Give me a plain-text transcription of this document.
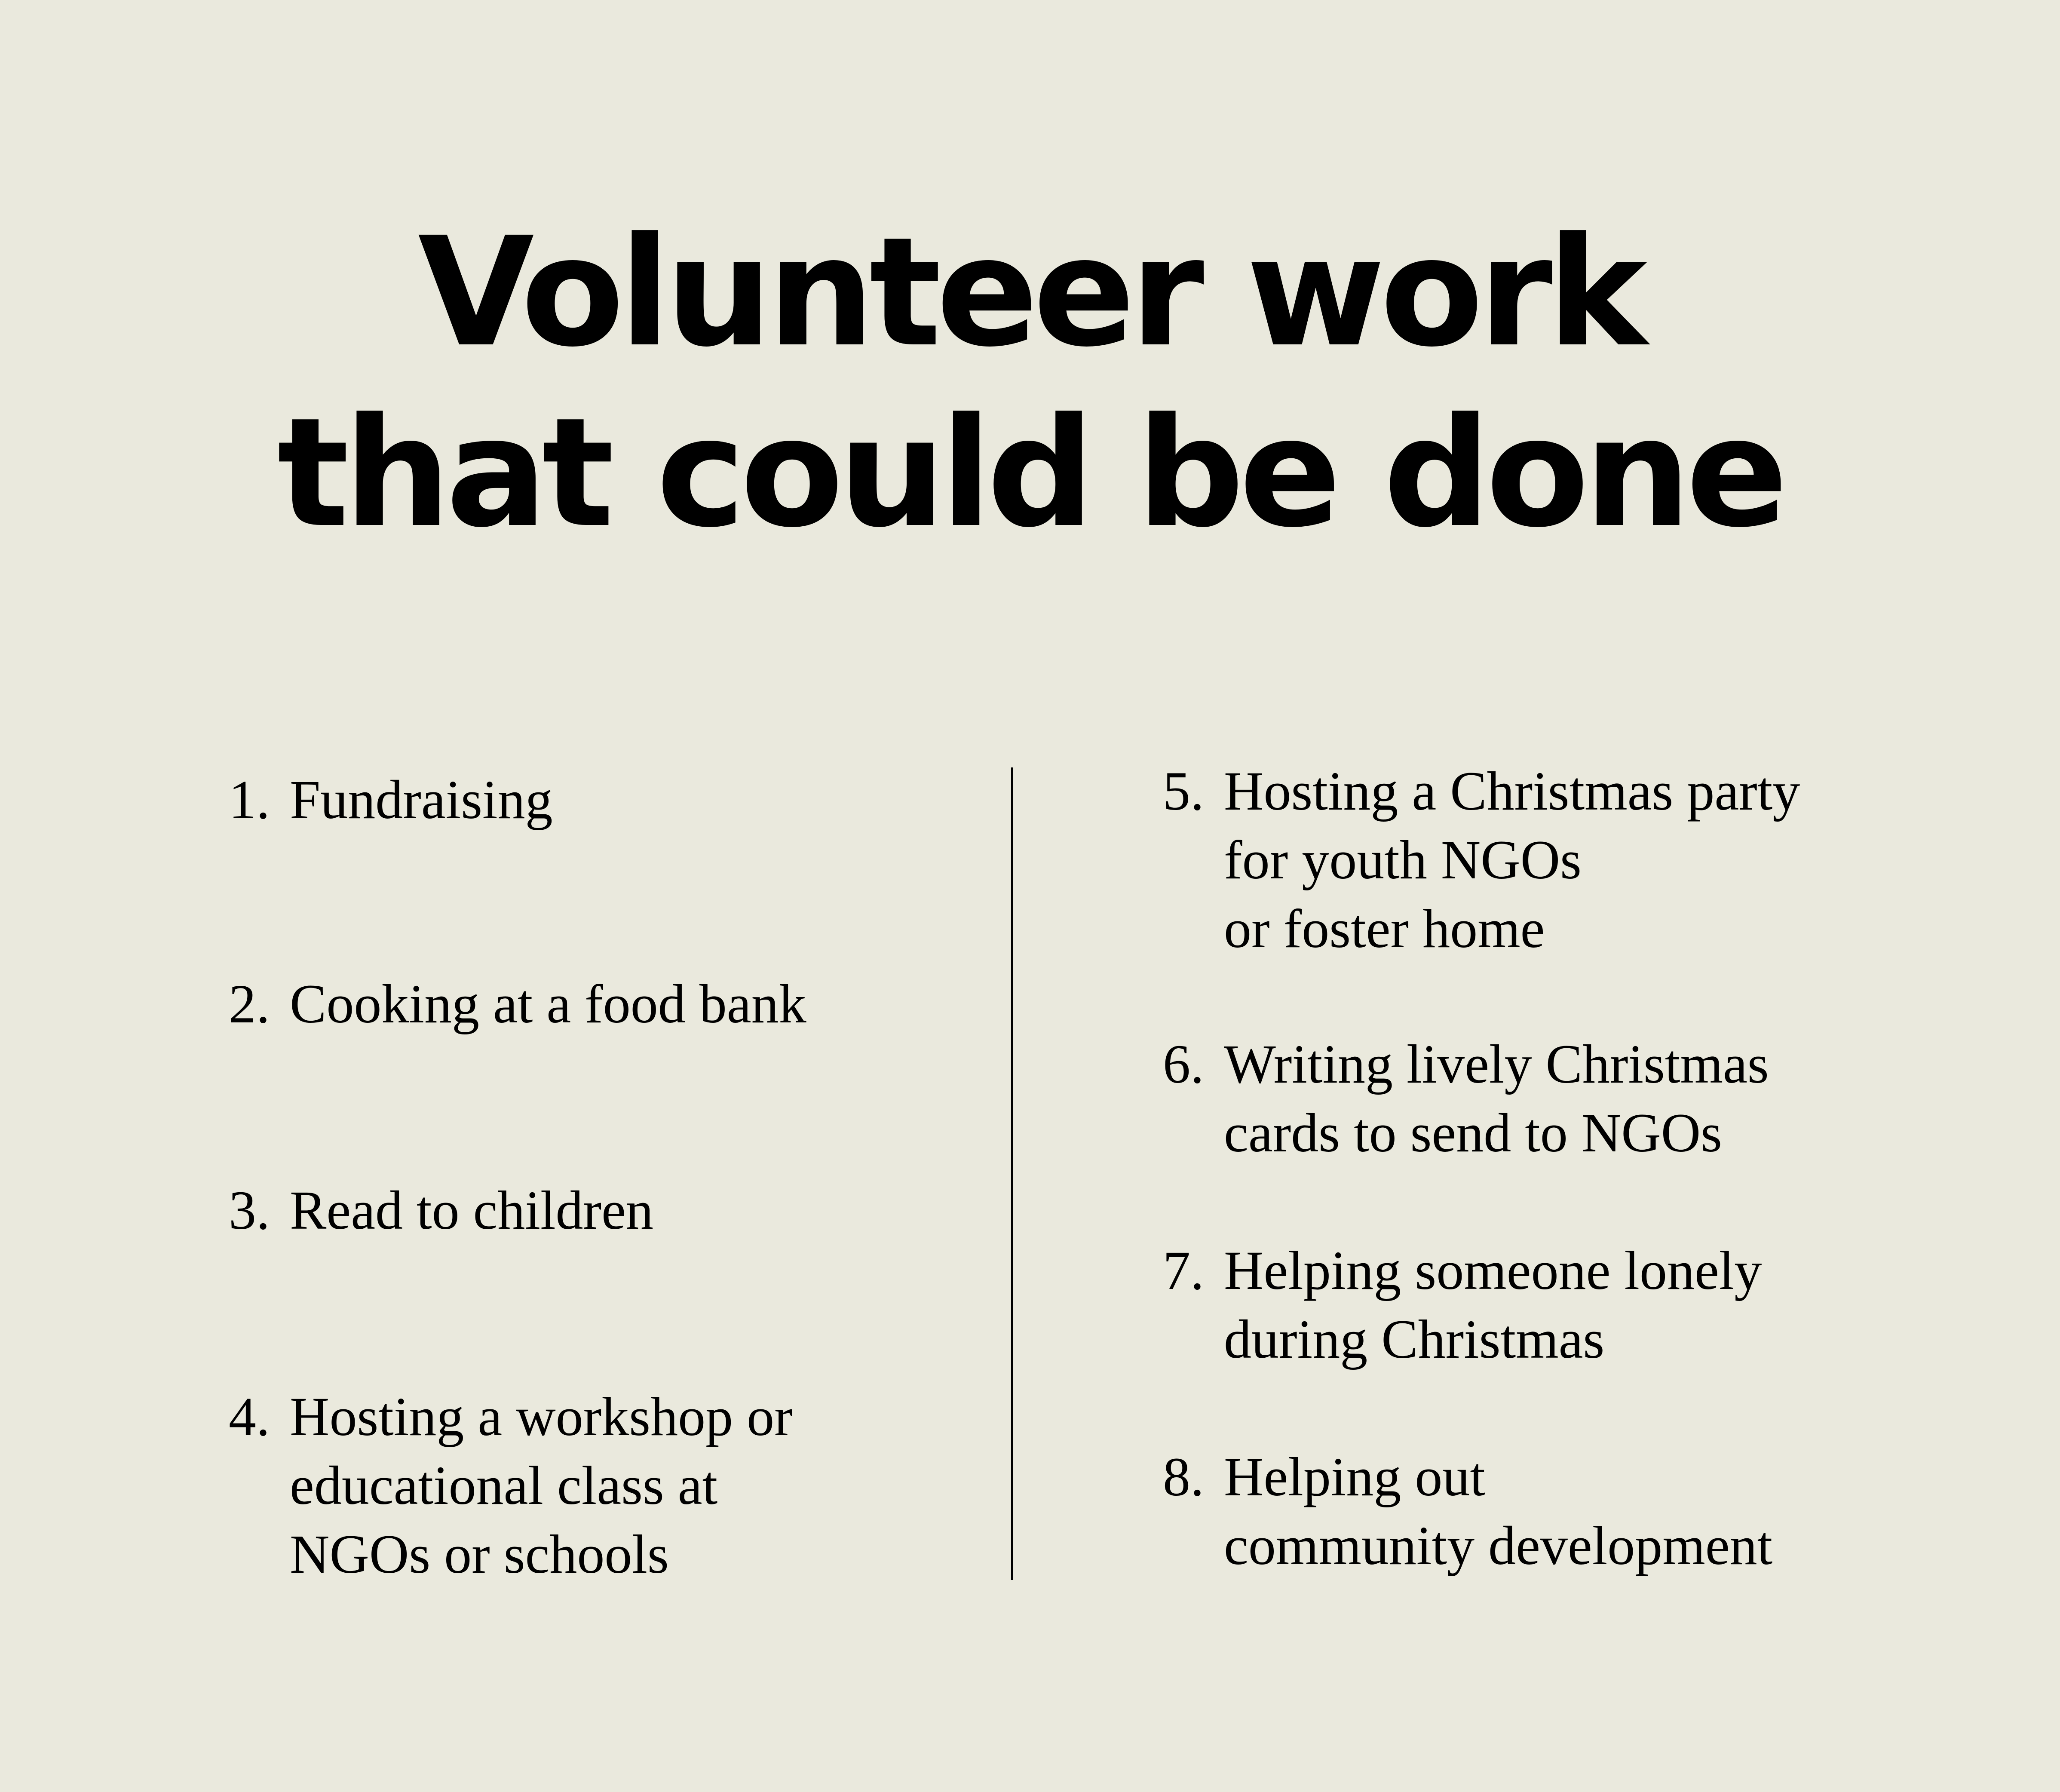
Volunteer work
that could be done
1. Fundraising
2. Cooking at a food bank
3. Read to children
4. Hosting a workshop or
educational class at
NGOs or schools
5. Hosting a Christmas party
for youth NGOs
or foster home
6. Writing lively Christmas
cards to send to NGOs
7. Helping someone lonely
during Christmas
8. Helping out
community development
